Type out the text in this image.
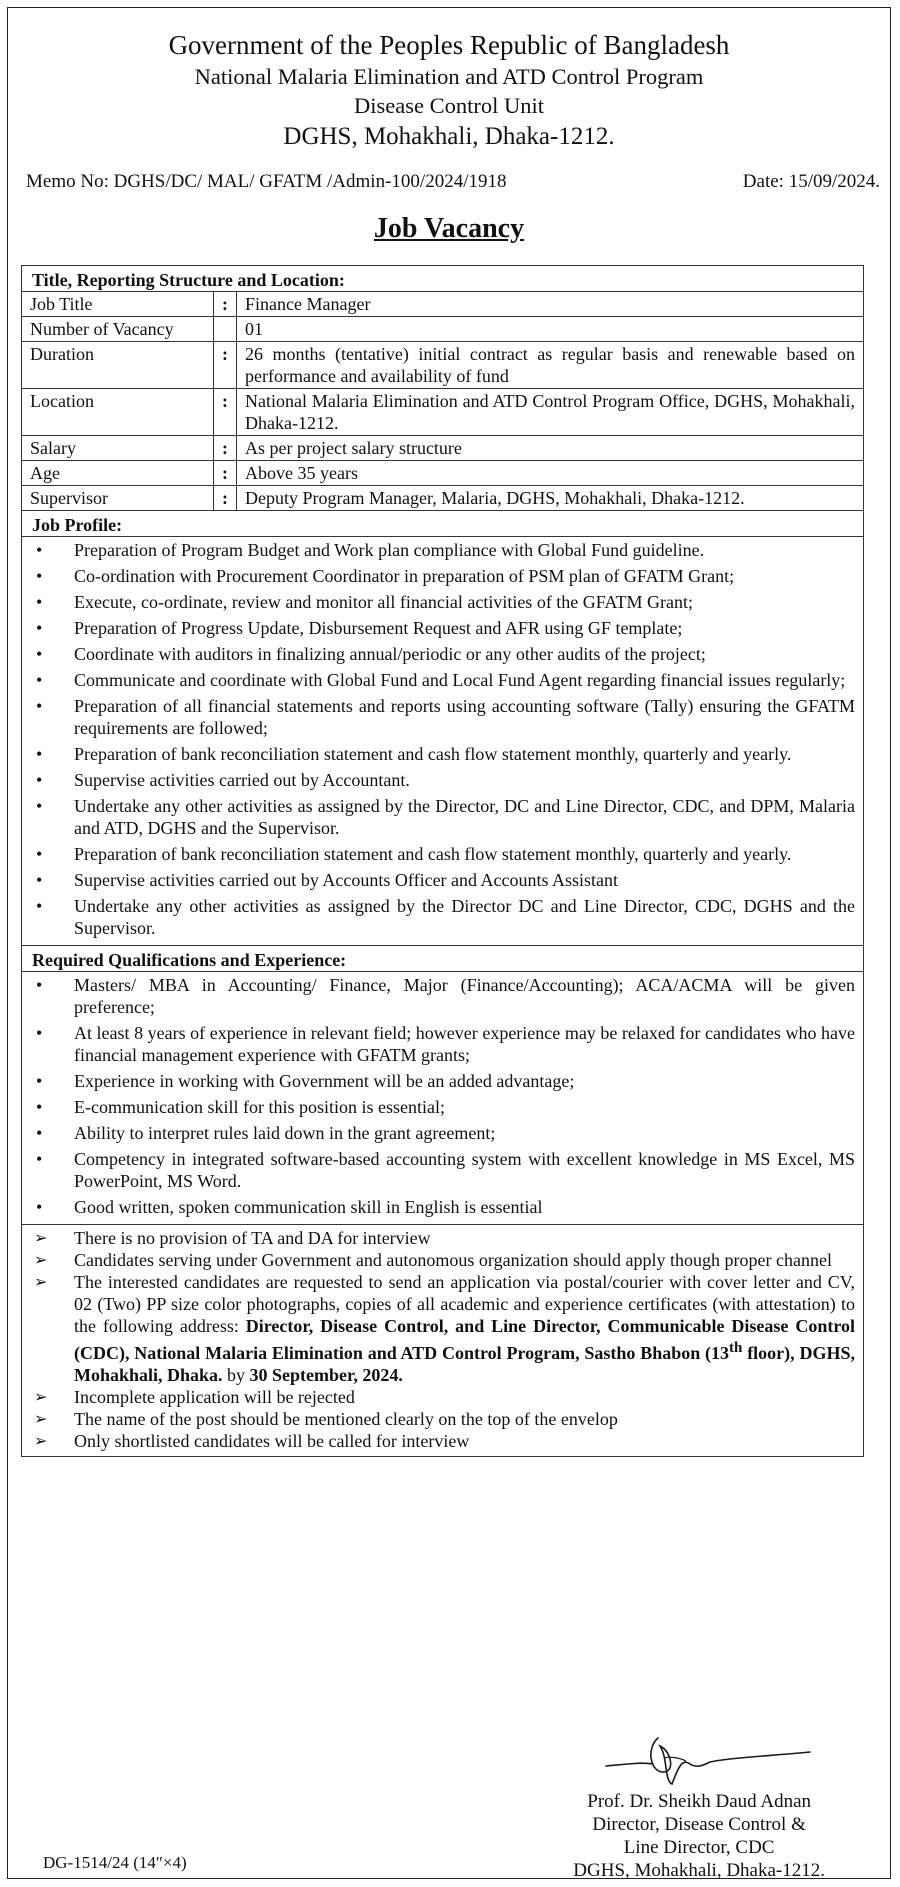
Government of the Peoples Republic of Bangladesh
National Malaria Elimination and ATD Control Program
Disease Control Unit
DGHS, Mohakhali, Dhaka-1212.
Memo No: DGHS/DC/ MAL/ GFATM /Admin-100/2024/1918	Date: 15/09/2024.
Job Vacancy
Title, Reporting Structure and Location:
Job Title	:	Finance Manager
Number of Vacancy		01
Duration	:	26 months (tentative) initial contract as regular basis and renewable based on performance and availability of fund
Location	:	National Malaria Elimination and ATD Control Program Office, DGHS, Mohakhali, Dhaka-1212.
Salary	:	As per project salary structure
Age	:	Above 35 years
Supervisor	:	Deputy Program Manager, Malaria, DGHS, Mohakhali, Dhaka-1212.
Job Profile:
• Preparation of Program Budget and Work plan compliance with Global Fund guideline.
• Co-ordination with Procurement Coordinator in preparation of PSM plan of GFATM Grant;
• Execute, co-ordinate, review and monitor all financial activities of the GFATM Grant;
• Preparation of Progress Update, Disbursement Request and AFR using GF template;
• Coordinate with auditors in finalizing annual/periodic or any other audits of the project;
• Communicate and coordinate with Global Fund and Local Fund Agent regarding financial issues regularly;
• Preparation of all financial statements and reports using accounting software (Tally) ensuring the GFATM requirements are followed;
• Preparation of bank reconciliation statement and cash flow statement monthly, quarterly and yearly.
• Supervise activities carried out by Accountant.
• Undertake any other activities as assigned by the Director, DC and Line Director, CDC, and DPM, Malaria and ATD, DGHS and the Supervisor.
• Preparation of bank reconciliation statement and cash flow statement monthly, quarterly and yearly.
• Supervise activities carried out by Accounts Officer and Accounts Assistant
• Undertake any other activities as assigned by the Director DC and Line Director, CDC, DGHS and the Supervisor.
Required Qualifications and Experience:
• Masters/ MBA in Accounting/ Finance, Major (Finance/Accounting); ACA/ACMA will be given preference;
• At least 8 years of experience in relevant field; however experience may be relaxed for candidates who have financial management experience with GFATM grants;
• Experience in working with Government will be an added advantage;
• E-communication skill for this position is essential;
• Ability to interpret rules laid down in the grant agreement;
• Competency in integrated software-based accounting system with excellent knowledge in MS Excel, MS PowerPoint, MS Word.
• Good written, spoken communication skill in English is essential
➢ There is no provision of TA and DA for interview
➢ Candidates serving under Government and autonomous organization should apply though proper channel
➢ The interested candidates are requested to send an application via postal/courier with cover letter and CV, 02 (Two) PP size color photographs, copies of all academic and experience certificates (with attestation) to the following address: Director, Disease Control, and Line Director, Communicable Disease Control (CDC), National Malaria Elimination and ATD Control Program, Sastho Bhabon (13th floor), DGHS, Mohakhali, Dhaka. by 30 September, 2024.
➢ Incomplete application will be rejected
➢ The name of the post should be mentioned clearly on the top of the envelop
➢ Only shortlisted candidates will be called for interview
Prof. Dr. Sheikh Daud Adnan
Director, Disease Control &
Line Director, CDC
DGHS, Mohakhali, Dhaka-1212.
DG-1514/24 (14″×4)
